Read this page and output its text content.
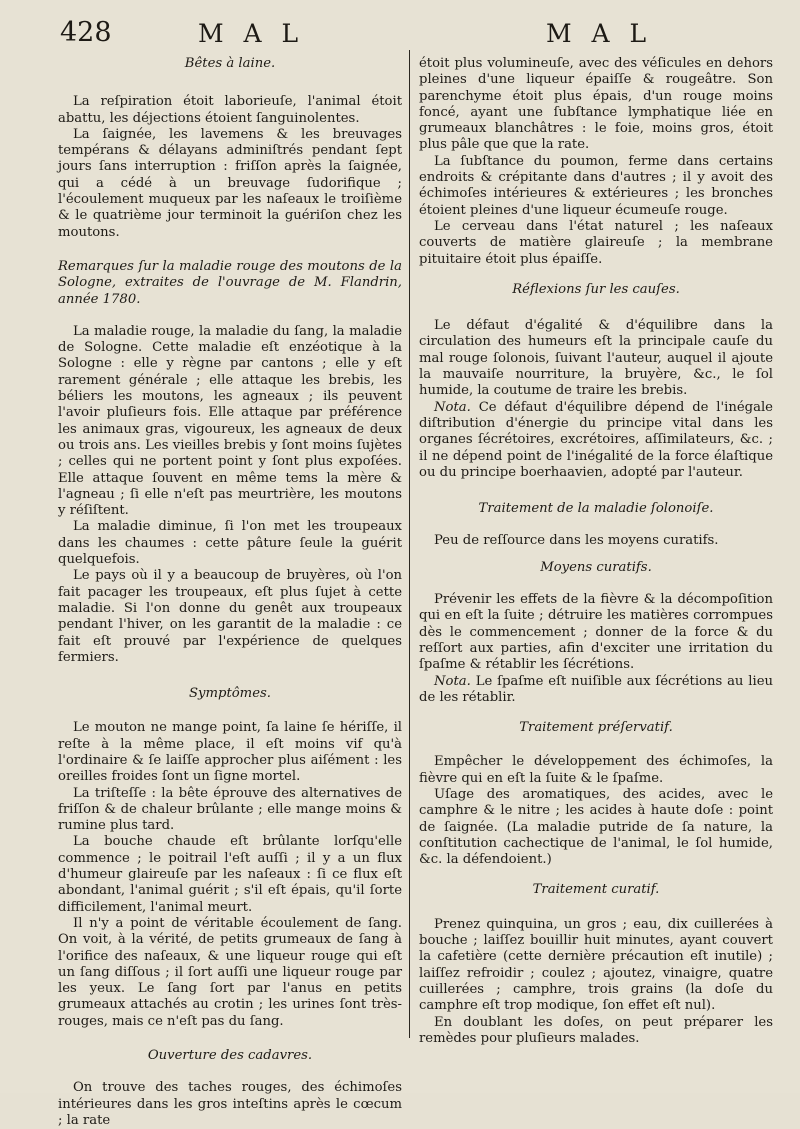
428	M A L	M A L

Bêtes à laine.

La reſpiration étoit laborieuſe, l'animal étoit abattu, les déjections étoient ſanguinolentes.

La ſaignée, les lavemens & les breuvages tempérans & délayans adminiſtrés pendant ſept jours ſans interruption : friſſon après la ſaignée, qui a cédé à un breuvage ſudorifique ; l'écoulement muqueux par les naſeaux le troiſième & le quatrième jour terminoit la guériſon chez les moutons.

Remarques ſur la maladie rouge des moutons de la Sologne, extraites de l'ouvrage de M. Flandrin, année 1780.

La maladie rouge, la maladie du ſang, la maladie de Sologne. Cette maladie eſt enzéotique à la Sologne : elle y règne par cantons ; elle y eſt rarement générale ; elle attaque les brebis, les béliers les moutons, les agneaux ; ils peuvent l'avoir pluſieurs fois. Elle attaque par préférence les animaux gras, vigoureux, les agneaux de deux ou trois ans. Les vieilles brebis y ſont moins ſujètes ; celles qui ne portent point y ſont plus expoſées. Elle attaque ſouvent en même tems la mère & l'agneau ; ſi elle n'eſt pas meurtrière, les moutons y réſiſtent.

La maladie diminue, ſi l'on met les troupeaux dans les chaumes : cette pâture ſeule la guérit quelquefois.

Le pays où il y a beaucoup de bruyères, où l'on fait pacager les troupeaux, eſt plus ſujet à cette maladie. Si l'on donne du genêt aux troupeaux pendant l'hiver, on les garantit de la maladie : ce fait eſt prouvé par l'expérience de quelques fermiers.

Symptômes.

Le mouton ne mange point, ſa laine ſe hériſſe, il reſte à la même place, il eſt moins vif qu'à l'ordinaire & ſe laiſſe approcher plus aiſément : les oreilles froides ſont un ſigne mortel.

La triſteſſe : la bête éprouve des alternatives de friſſon & de chaleur brûlante ; elle mange moins & rumine plus tard.

La bouche chaude eſt brûlante lorſqu'elle commence ; le poitrail l'eſt auſſi ; il y a un flux d'humeur glaireuſe par les naſeaux : ſi ce flux eſt abondant, l'animal guérit ; s'il eſt épais, qu'il ſorte difficilement, l'animal meurt.

Il n'y a point de véritable écoulement de ſang. On voit, à la vérité, de petits grumeaux de ſang à l'orifice des naſeaux, & une liqueur rouge qui eſt un ſang diſſous ; il ſort auſſi une liqueur rouge par les yeux. Le ſang ſort par l'anus en petits grumeaux attachés au crotin ; les urines ſont très-rouges, mais ce n'eſt pas du ſang.

Ouverture des cadavres.

On trouve des taches rouges, des échimoſes intérieures dans les gros inteſtins après le cœcum ; la rate

étoit plus volumineuſe, avec des véſicules en dehors pleines d'une liqueur épaiſſe & rougeâtre. Son parenchyme étoit plus épais, d'un rouge moins foncé, ayant une ſubſtance lymphatique liée en grumeaux blanchâtres : le foie, moins gros, étoit plus pâle que que la rate.

La ſubſtance du poumon, ferme dans certains endroits & crépitante dans d'autres ; il y avoit des échimoſes intérieures & extérieures ; les bronches étoient pleines d'une liqueur écumeuſe rouge.

Le cerveau dans l'état naturel ; les naſeaux couverts de matière glaireuſe ; la membrane pituitaire étoit plus épaiſſe.

Réflexions ſur les cauſes.

Le défaut d'égalité & d'équilibre dans la circulation des humeurs eſt la principale cauſe du mal rouge ſolonois, ſuivant l'auteur, auquel il ajoute la mauvaiſe nourriture, la bruyère, &c., le ſol humide, la coutume de traire les brebis.

Nota. Ce défaut d'équilibre dépend de l'inégale diſtribution d'énergie du principe vital dans les organes ſécrétoires, excrétoires, aſſimilateurs, &c. ; il ne dépend point de l'inégalité de la force élaſtique ou du principe boerhaavien, adopté par l'auteur.

Traitement de la maladie ſolonoiſe.

Peu de reſſource dans les moyens curatifs.

Moyens curatifs.

Prévenir les effets de la fièvre & la décompoſition qui en eſt la ſuite ; détruire les matières corrompues dès le commencement ; donner de la force & du reſſort aux parties, afin d'exciter une irritation du ſpaſme & rétablir les ſécrétions.

Nota. Le ſpaſme eſt nuiſible aux ſécrétions au lieu de les rétablir.

Traitement préſervatif.

Empêcher le développement des échimoſes, la fièvre qui en eſt la ſuite & le ſpaſme.

Uſage des aromatiques, des acides, avec le camphre & le nitre ; les acides à haute doſe : point de ſaignée. (La maladie putride de ſa nature, la conſtitution cachectique de l'animal, le ſol humide, &c. la défendoient.)

Traitement curatif.

Prenez quinquina, un gros ; eau, dix cuillerées à bouche ; laiſſez bouillir huit minutes, ayant couvert la cafetière (cette dernière précaution eſt inutile) ; laiſſez refroidir ; coulez ; ajoutez, vinaigre, quatre cuillerées ; camphre, trois grains (la doſe du camphre eſt trop modique, ſon effet eſt nul).

En doublant les doſes, on peut préparer les remèdes pour pluſieurs malades.
